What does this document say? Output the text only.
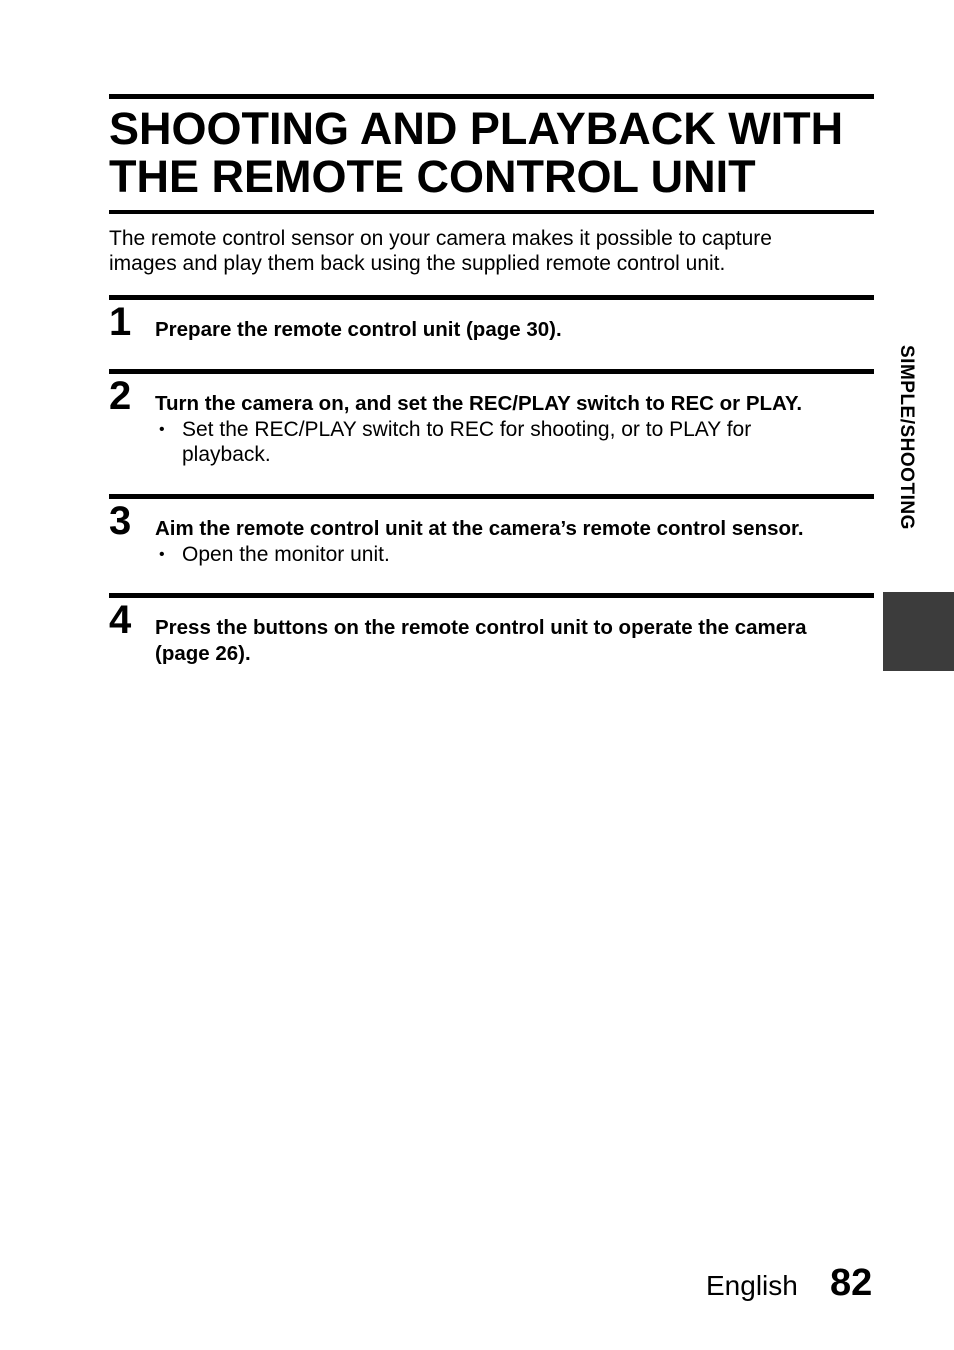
SHOOTING AND PLAYBACK WITH
THE REMOTE CONTROL UNIT

The remote control sensor on your camera makes it possible to capture
images and play them back using the supplied remote control unit.

1 Prepare the remote control unit (page 30).

2 Turn the camera on, and set the REC/PLAY switch to REC or PLAY.

• Set the REC/PLAY switch to REC for shooting, or to PLAY for
playback.

3 Aim the remote control unit at the camera’s remote control sensor.

• Open the monitor unit.

4 Press the buttons on the remote control unit to operate the camera
(page 26).

SIMPLE/SHOOTING
English 82
